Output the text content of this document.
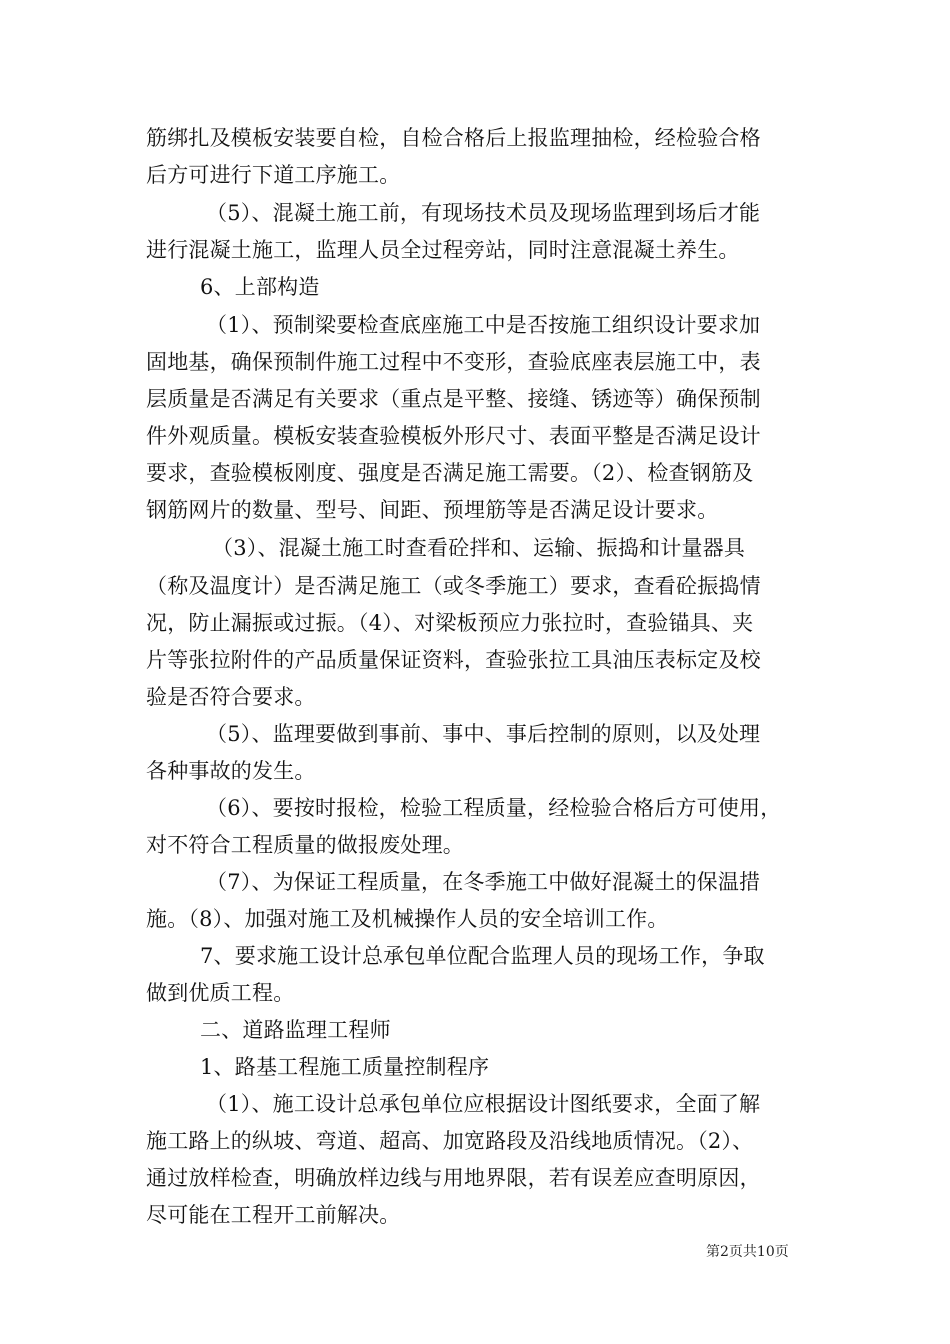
筋绑扎及模板安装要自检，自检合格后上报监理抽检，经检验合格
后方可进行下道工序施工。
（5）、混凝土施工前，有现场技术员及现场监理到场后才能
进行混凝土施工，监理人员全过程旁站，同时注意混凝土养生。
6、上部构造
（1）、预制梁要检查底座施工中是否按施工组织设计要求加
固地基，确保预制件施工过程中不变形，查验底座表层施工中，表
层质量是否满足有关要求（重点是平整、接缝、锈迹等）确保预制
件外观质量。模板安装查验模板外形尺寸、表面平整是否满足设计
要求，查验模板刚度、强度是否满足施工需要。（2）、检查钢筋及
钢筋网片的数量、型号、间距、预埋筋等是否满足设计要求。
（3）、混凝土施工时查看砼拌和、运输、振捣和计量器具
（称及温度计）是否满足施工（或冬季施工）要求，查看砼振捣情
况，防止漏振或过振。（4）、对梁板预应力张拉时，查验锚具、夹
片等张拉附件的产品质量保证资料，查验张拉工具油压表标定及校
验是否符合要求。
（5）、监理要做到事前、事中、事后控制的原则，以及处理
各种事故的发生。
（6）、要按时报检，检验工程质量，经检验合格后方可使用，
对不符合工程质量的做报废处理。
（7）、为保证工程质量，在冬季施工中做好混凝土的保温措
施。（8）、加强对施工及机械操作人员的安全培训工作。
7、要求施工设计总承包单位配合监理人员的现场工作，争取
做到优质工程。
二、道路监理工程师
1、路基工程施工质量控制程序
（1）、施工设计总承包单位应根据设计图纸要求，全面了解
施工路上的纵坡、弯道、超高、加宽路段及沿线地质情况。（2）、
通过放样检查，明确放样边线与用地界限，若有误差应查明原因，
尽可能在工程开工前解决。
第2页共10页
